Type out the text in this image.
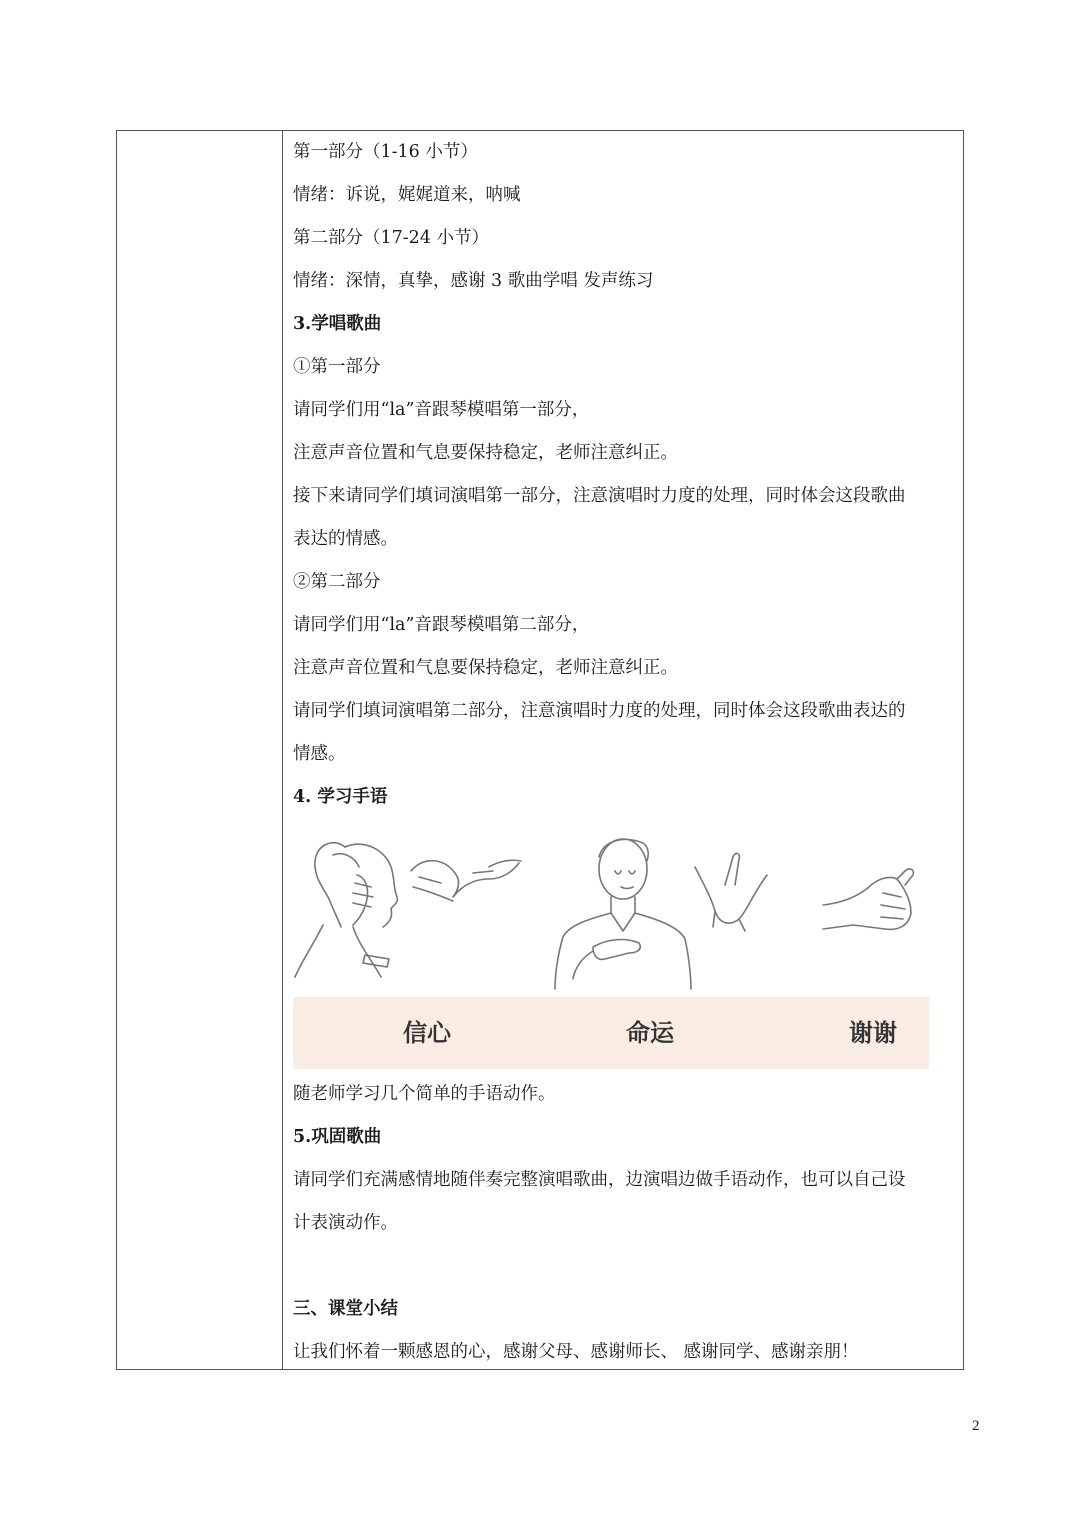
第一部分（1-16 小节）

情绪：诉说，娓娓道来，呐喊

第二部分（17-24 小节）

情绪：深情，真挚，感谢 3 歌曲学唱 发声练习

3.学唱歌曲

①第一部分

请同学们用“la”音跟琴模唱第一部分，

注意声音位置和气息要保持稳定，老师注意纠正。

接下来请同学们填词演唱第一部分，注意演唱时力度的处理，同时体会这段歌曲

表达的情感。

②第二部分

请同学们用“la”音跟琴模唱第二部分，

注意声音位置和气息要保持稳定，老师注意纠正。

请同学们填词演唱第二部分，注意演唱时力度的处理，同时体会这段歌曲表达的

情感。

4. 学习手语

信心	命运	谢谢

随老师学习几个简单的手语动作。

5.巩固歌曲

请同学们充满感情地随伴奏完整演唱歌曲，边演唱边做手语动作，也可以自己设

计表演动作。

三、课堂小结

让我们怀着一颗感恩的心，感谢父母、感谢师长、 感谢同学、感谢亲朋！

2
